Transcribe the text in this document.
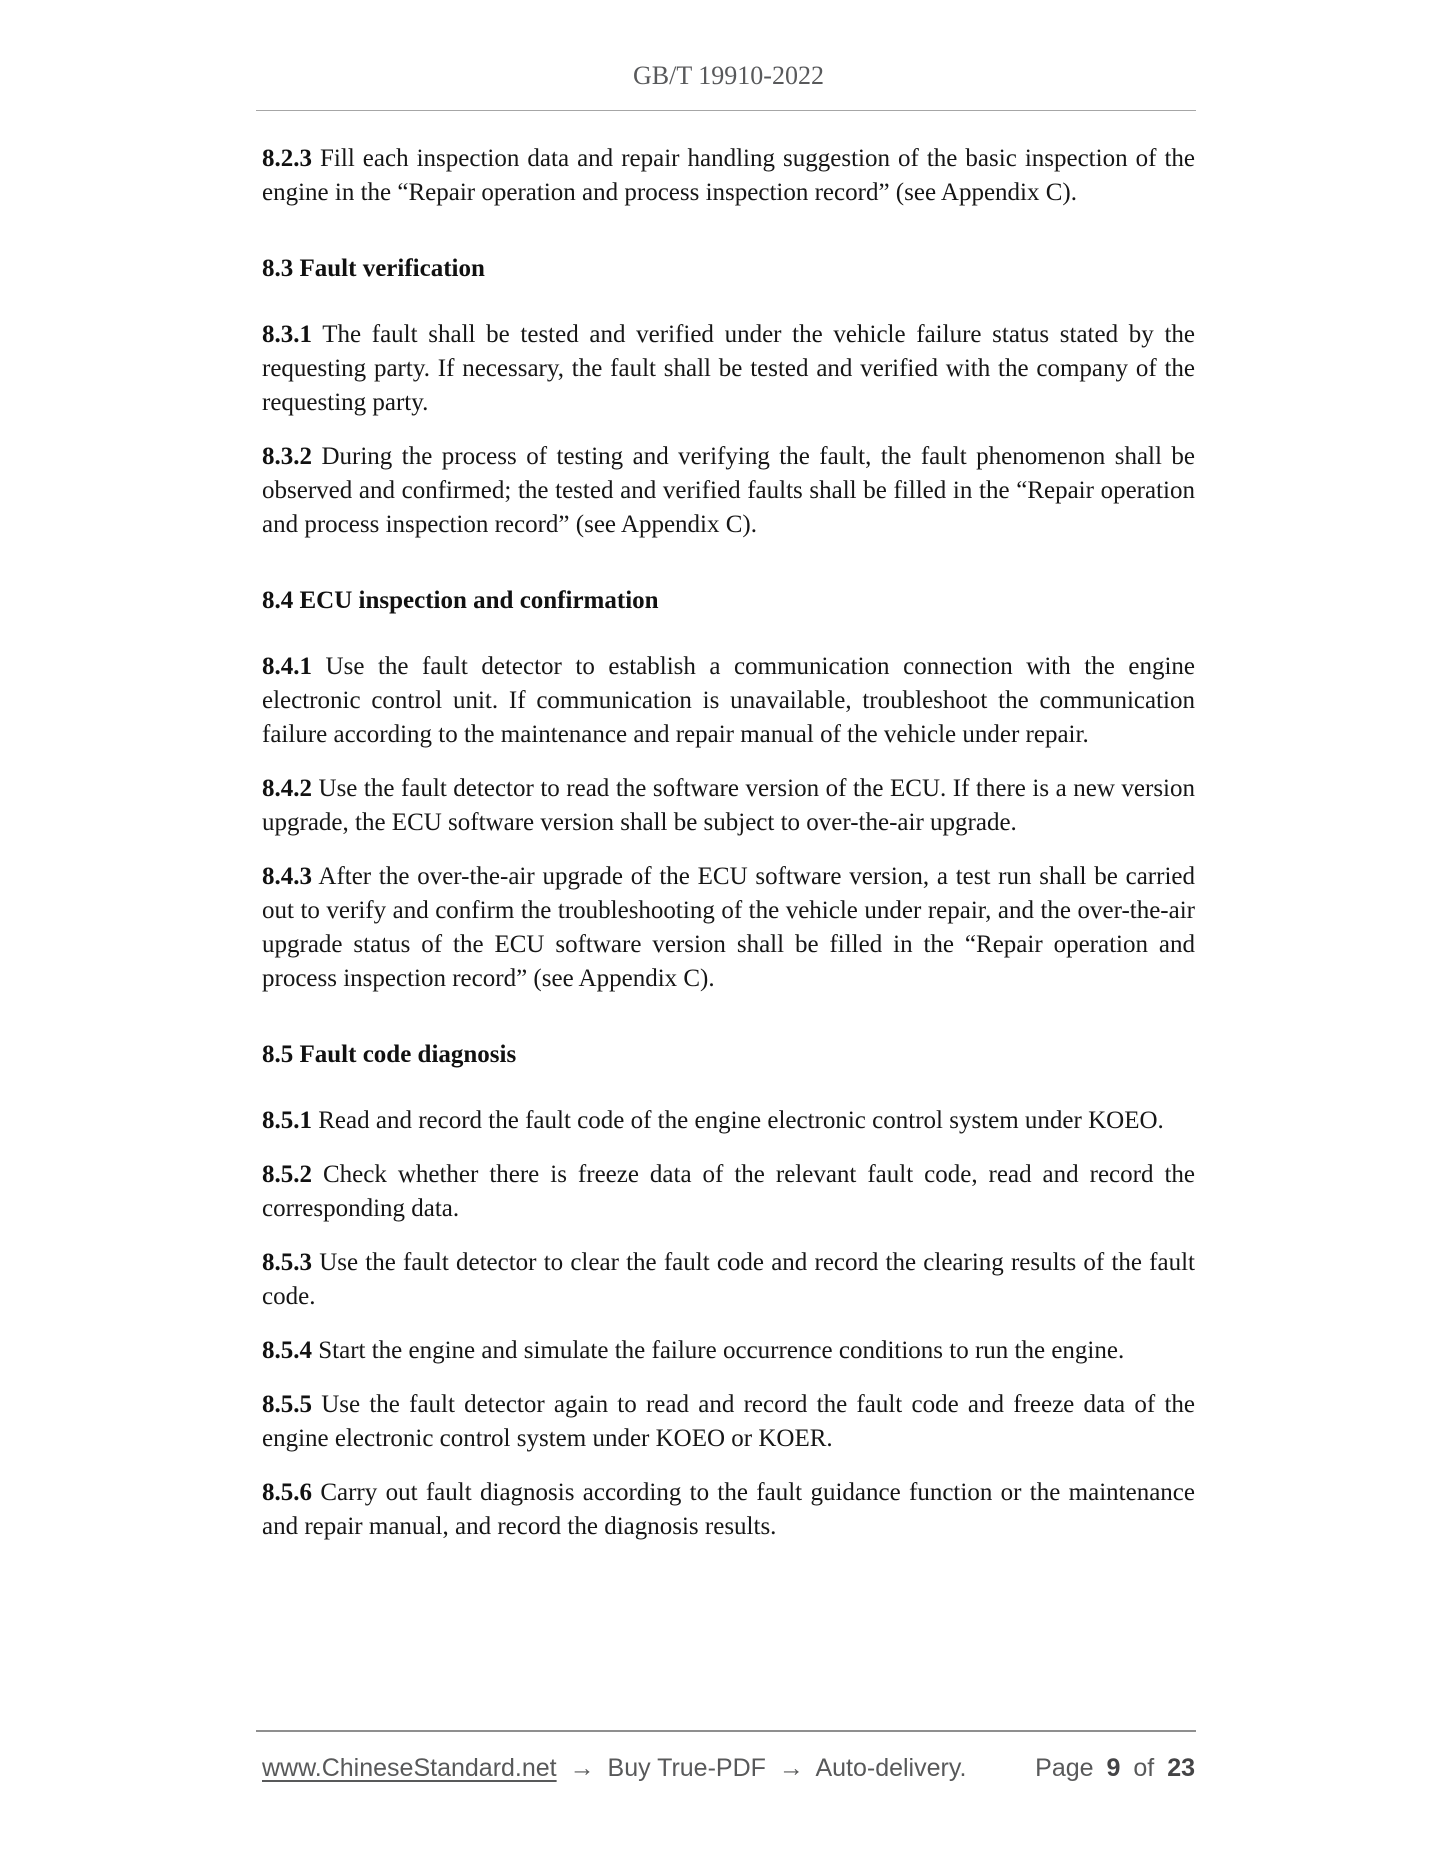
GB/T 19910-2022

8.2.3 Fill each inspection data and repair handling suggestion of the basic inspection of the engine in the “Repair operation and process inspection record” (see Appendix C).

8.3 Fault verification

8.3.1 The fault shall be tested and verified under the vehicle failure status stated by the requesting party. If necessary, the fault shall be tested and verified with the company of the requesting party.

8.3.2 During the process of testing and verifying the fault, the fault phenomenon shall be observed and confirmed; the tested and verified faults shall be filled in the “Repair operation and process inspection record” (see Appendix C).

8.4 ECU inspection and confirmation

8.4.1 Use the fault detector to establish a communication connection with the engine electronic control unit. If communication is unavailable, troubleshoot the communication failure according to the maintenance and repair manual of the vehicle under repair.

8.4.2 Use the fault detector to read the software version of the ECU. If there is a new version upgrade, the ECU software version shall be subject to over-the-air upgrade.

8.4.3 After the over-the-air upgrade of the ECU software version, a test run shall be carried out to verify and confirm the troubleshooting of the vehicle under repair, and the over-the-air upgrade status of the ECU software version shall be filled in the “Repair operation and process inspection record” (see Appendix C).

8.5 Fault code diagnosis

8.5.1 Read and record the fault code of the engine electronic control system under KOEO.

8.5.2 Check whether there is freeze data of the relevant fault code, read and record the corresponding data.

8.5.3 Use the fault detector to clear the fault code and record the clearing results of the fault code.

8.5.4 Start the engine and simulate the failure occurrence conditions to run the engine.

8.5.5 Use the fault detector again to read and record the fault code and freeze data of the engine electronic control system under KOEO or KOER.

8.5.6 Carry out fault diagnosis according to the fault guidance function or the maintenance and repair manual, and record the diagnosis results.

www.ChineseStandard.net → Buy True-PDF → Auto-delivery.	Page 9 of 23
